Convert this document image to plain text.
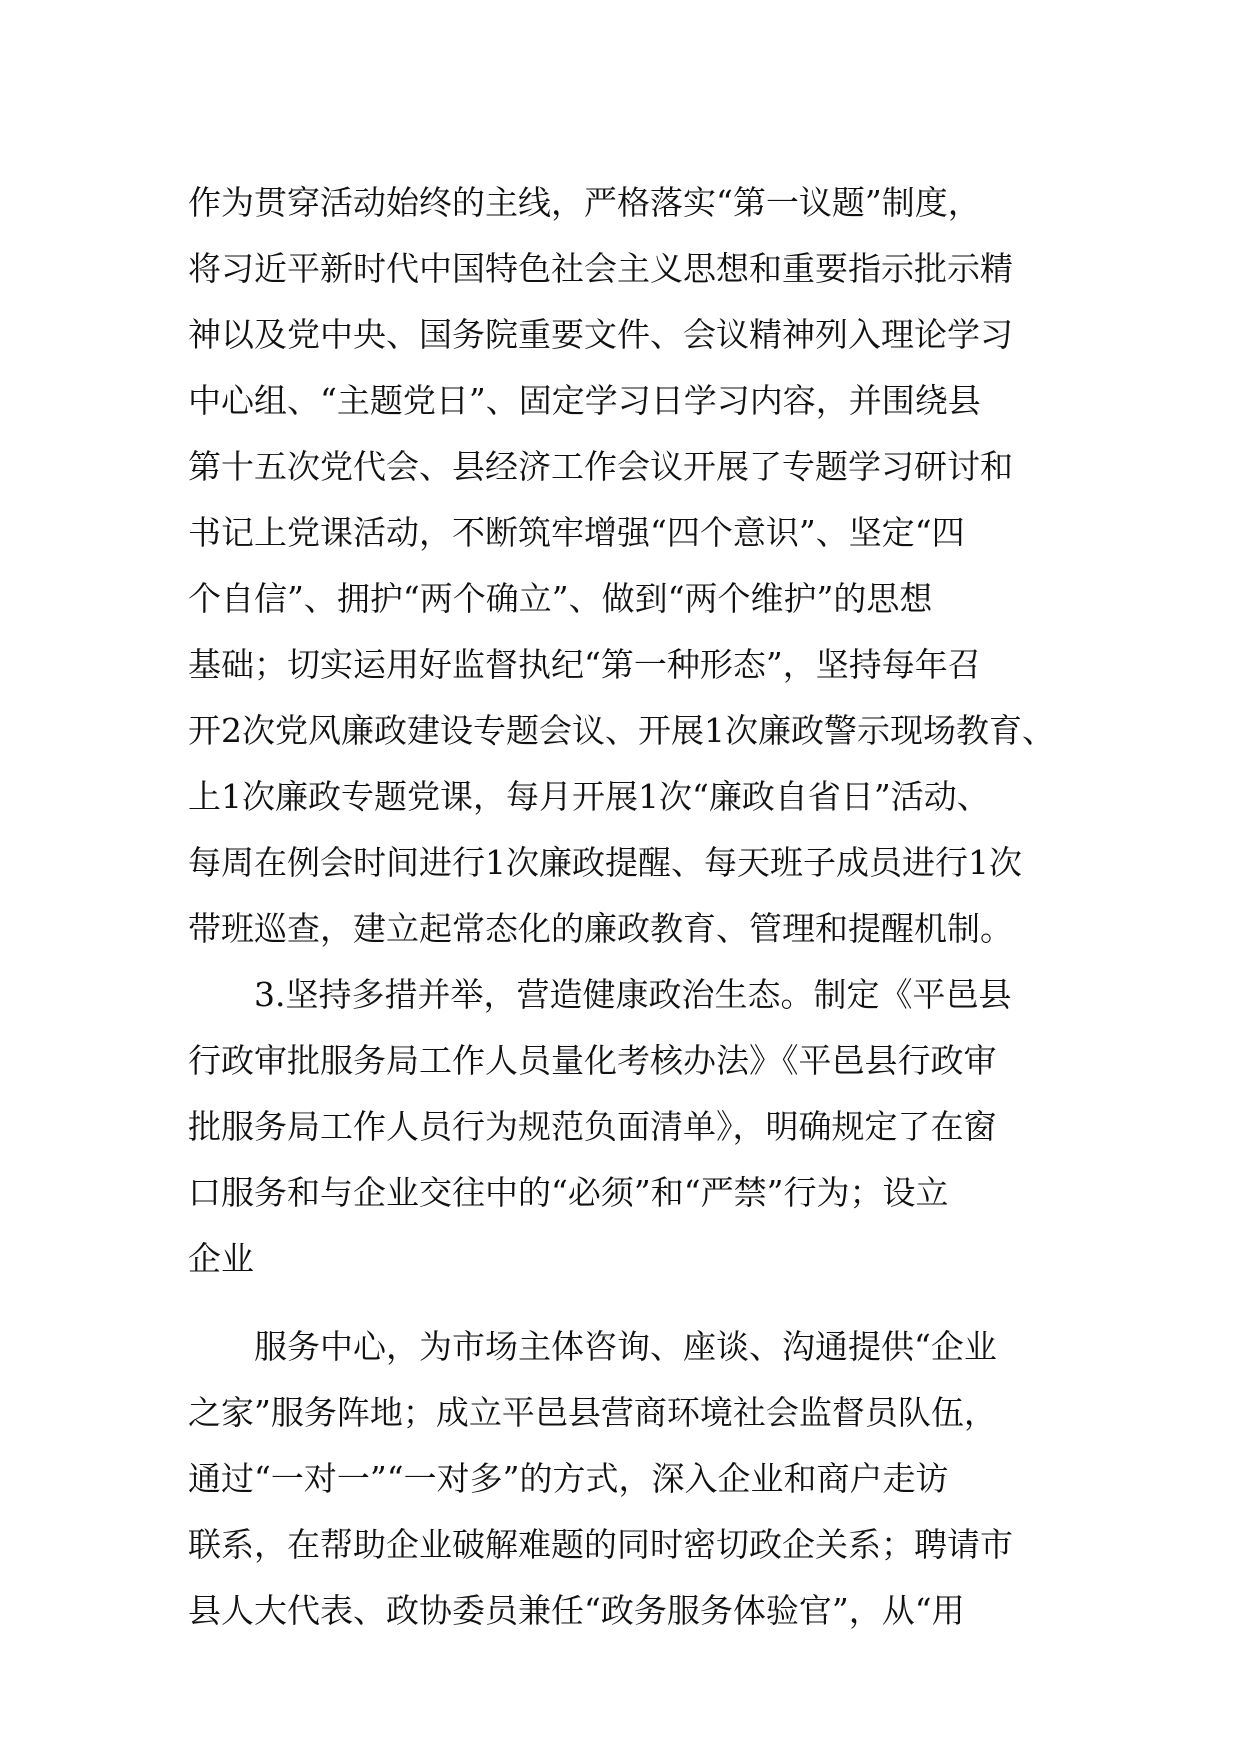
作为贯穿活动始终的主线，严格落实“第一议题”制度，
将习近平新时代中国特色社会主义思想和重要指示批示精
神以及党中央、国务院重要文件、会议精神列入理论学习
中心组、“主题党日”、固定学习日学习内容，并围绕县
第十五次党代会、县经济工作会议开展了专题学习研讨和
书记上党课活动，不断筑牢增强“四个意识”、坚定“四
个自信”、拥护“两个确立”、做到“两个维护”的思想
基础；切实运用好监督执纪“第一种形态”，坚持每年召
开2次党风廉政建设专题会议、开展1次廉政警示现场教育、
上1次廉政专题党课，每月开展1次“廉政自省日”活动、
每周在例会时间进行1次廉政提醒、每天班子成员进行1次
带班巡查，建立起常态化的廉政教育、管理和提醒机制。
3.坚持多措并举，营造健康政治生态。制定《平邑县
行政审批服务局工作人员量化考核办法》《平邑县行政审
批服务局工作人员行为规范负面清单》，明确规定了在窗
口服务和与企业交往中的“必须”和“严禁”行为；设立
企业
服务中心，为市场主体咨询、座谈、沟通提供“企业
之家”服务阵地；成立平邑县营商环境社会监督员队伍，
通过“一对一”“一对多”的方式，深入企业和商户走访
联系，在帮助企业破解难题的同时密切政企关系；聘请市
县人大代表、政协委员兼任“政务服务体验官”，从“用
